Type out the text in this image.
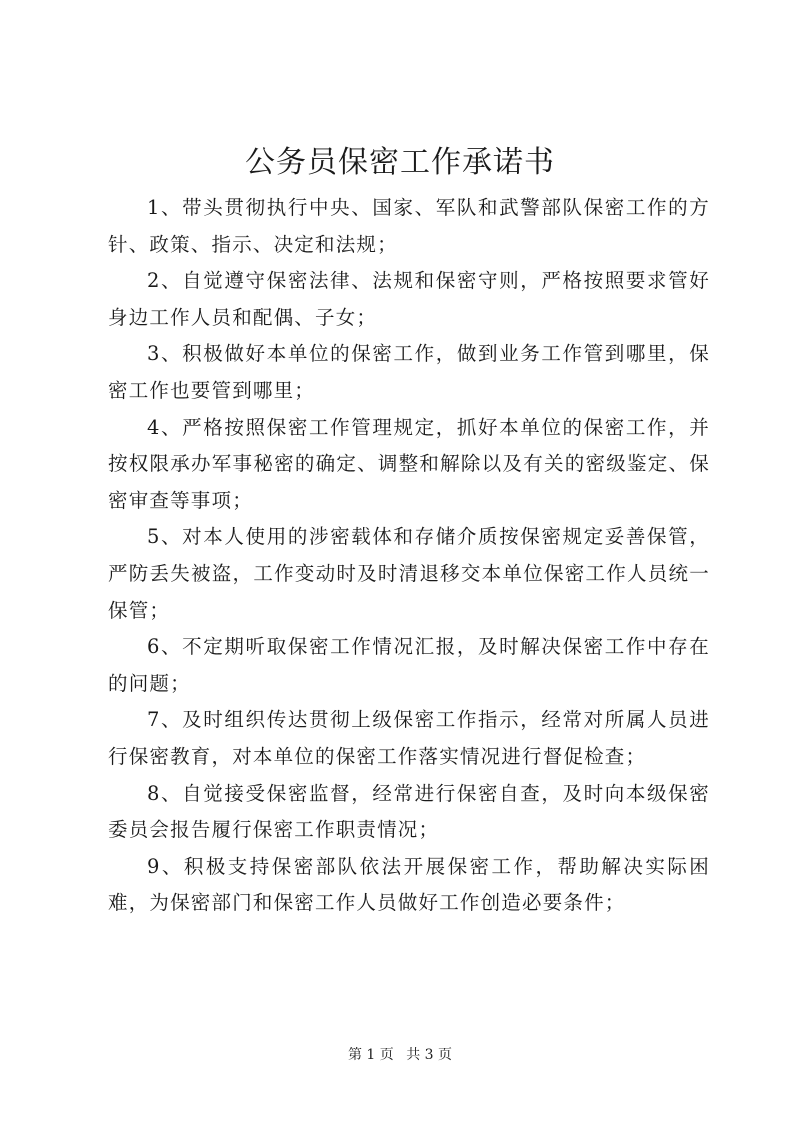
公务员保密工作承诺书

1、带头贯彻执行中央、国家、军队和武警部队保密工作的方针、政策、指示、决定和法规；

2、自觉遵守保密法律、法规和保密守则，严格按照要求管好身边工作人员和配偶、子女；

3、积极做好本单位的保密工作，做到业务工作管到哪里，保密工作也要管到哪里；

4、严格按照保密工作管理规定，抓好本单位的保密工作，并按权限承办军事秘密的确定、调整和解除以及有关的密级鉴定、保密审查等事项；

5、对本人使用的涉密载体和存储介质按保密规定妥善保管，严防丢失被盗，工作变动时及时清退移交本单位保密工作人员统一保管；

6、不定期听取保密工作情况汇报，及时解决保密工作中存在的问题；

7、及时组织传达贯彻上级保密工作指示，经常对所属人员进行保密教育，对本单位的保密工作落实情况进行督促检查；

8、自觉接受保密监督，经常进行保密自查，及时向本级保密委员会报告履行保密工作职责情况；

9、积极支持保密部队依法开展保密工作，帮助解决实际困难，为保密部门和保密工作人员做好工作创造必要条件；

第 1 页 共 3 页
